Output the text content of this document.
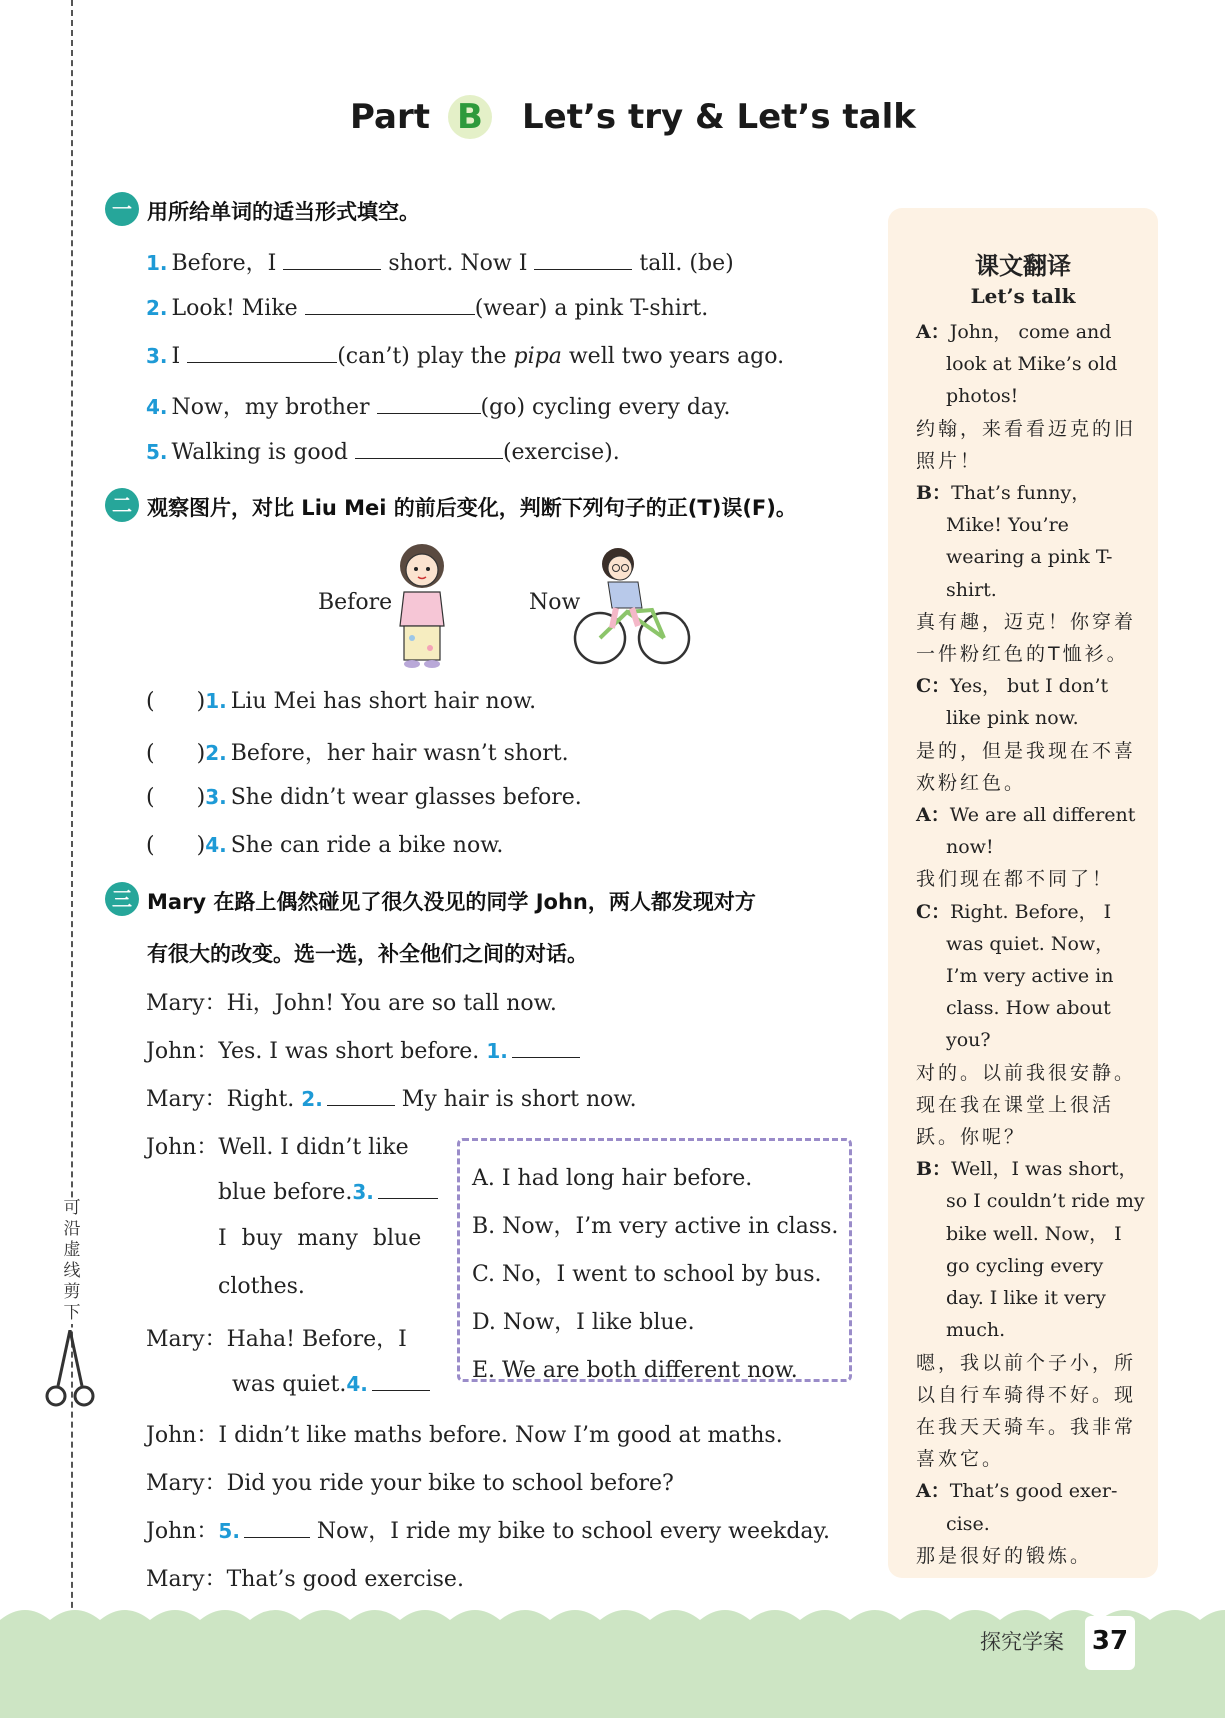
可沿虚线剪下
Part B Let’s try & Let’s talk
一 用所给单词的适当形式填空。
1. Before，I	short. Now I	tall. (be)
2. Look! Mike	(wear) a pink T-shirt.
3. I	(can’t) play the pipa well two years ago.
4. Now，my brother	(go) cycling every day.
5. Walking is good	(exercise).
二 观察图片，对比 Liu Mei 的前后变化，判断下列句子的正(T)误(F)。
Before	Now
( )1. Liu Mei has short hair now.
( )2. Before，her hair wasn’t short.
( )3. She didn’t wear glasses before.
( )4. She can ride a bike now.
三 Mary 在路上偶然碰见了很久没见的同学 John，两人都发现对方
有很大的改变。选一选，补全他们之间的对话。
Mary：Hi，John! You are so tall now.
John：Yes. I was short before. 1.
Mary：Right. 2.	My hair is short now.
John：Well. I didn’t like
blue before.3.
I buy many blue
clothes.
Mary：Haha! Before，I
was quiet.4.
John：I didn’t like maths before. Now I’m good at maths.
Mary：Did you ride your bike to school before?
John：5.	Now，I ride my bike to school every weekday.
Mary：That’s good exercise.
A. I had long hair before.
B. Now，I’m very active in class.
C. No，I went to school by bus.
D. Now，I like blue.
E. We are both different now.
课文翻译
Let’s talk

A：John， come and look at Mike’s old photos!

约翰，来看看迈克的旧照片！

B：That’s funny，Mike! You’re wearing a pink T-shirt.

真有趣，迈克！你穿着一件粉红色的T恤衫。

C：Yes， but I don’t like pink now.

是的，但是我现在不喜欢粉红色。

A：We are all different now!

我们现在都不同了！

C：Right. Before， I was quiet. Now， I’m very active in class. How about you?

对的。以前我很安静。现在我在课堂上很活跃。你呢？

B：Well，I was short， so I couldn’t ride my bike well. Now， I go cycling every day. I like it very much.

嗯，我以前个子小，所以自行车骑得不好。现在我天天骑车。我非常喜欢它。

A：That’s good exer-cise.

那是很好的锻炼。

探究学案 37
